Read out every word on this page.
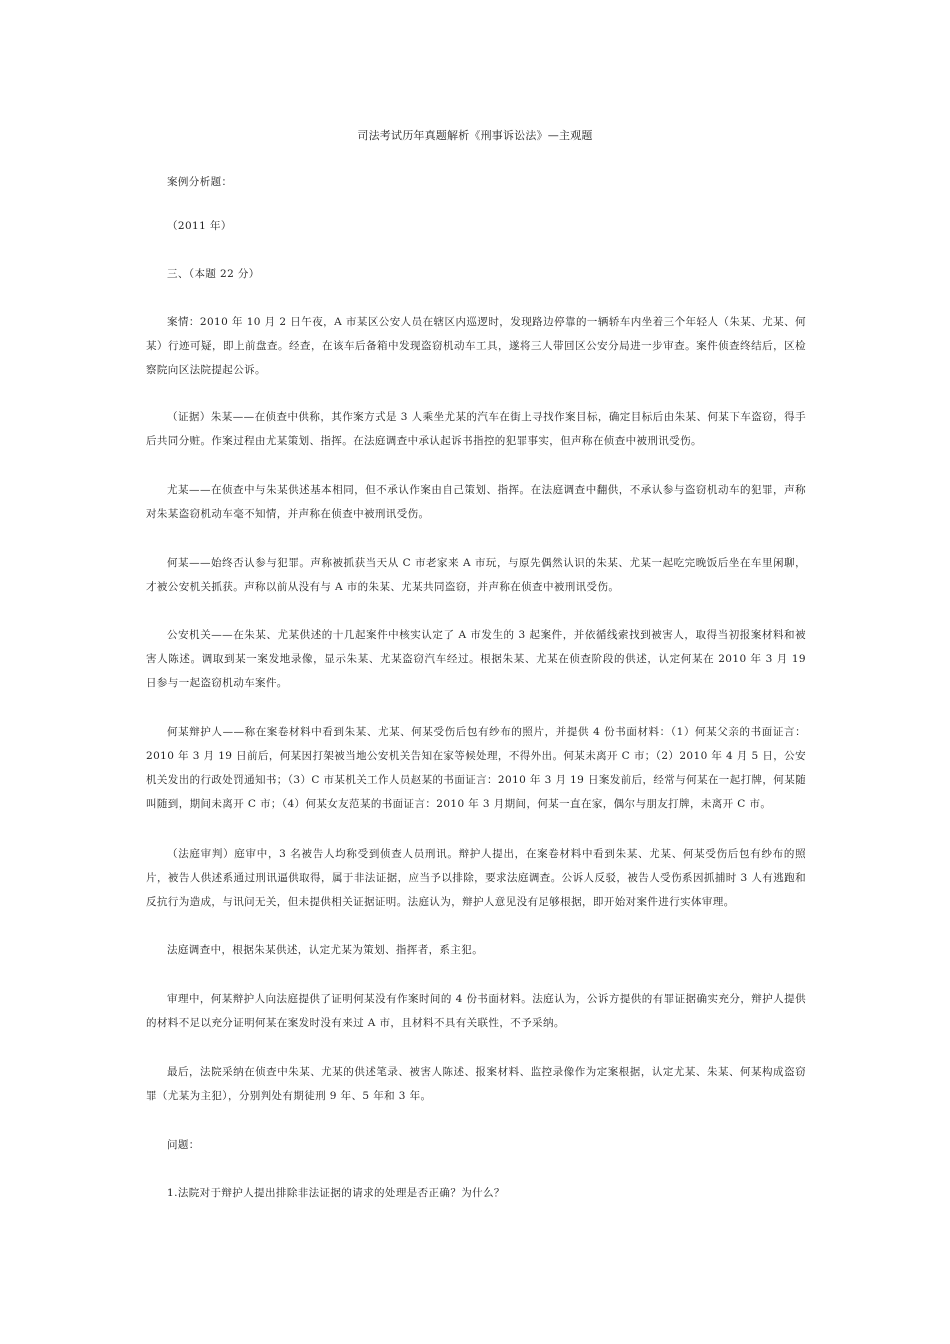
司法考试历年真题解析《刑事诉讼法》—主观题
案例分析题：
（2011 年）
三、（本题 22 分）
案情：2010 年 10 月 2 日午夜，A 市某区公安人员在辖区内巡逻时，发现路边停靠的一辆轿车内坐着三个年轻人（朱某、尤某、何某）行迹可疑，即上前盘查。经查，在该车后备箱中发现盗窃机动车工具，遂将三人带回区公安分局进一步审查。案件侦查终结后，区检察院向区法院提起公诉。
（证据）朱某——在侦查中供称，其作案方式是 3 人乘坐尤某的汽车在街上寻找作案目标，确定目标后由朱某、何某下车盗窃，得手后共同分赃。作案过程由尤某策划、指挥。在法庭调查中承认起诉书指控的犯罪事实，但声称在侦查中被刑讯受伤。
尤某——在侦查中与朱某供述基本相同，但不承认作案由自己策划、指挥。在法庭调查中翻供，不承认参与盗窃机动车的犯罪，声称对朱某盗窃机动车毫不知情，并声称在侦查中被刑讯受伤。
何某——始终否认参与犯罪。声称被抓获当天从 C 市老家来 A 市玩，与原先偶然认识的朱某、尤某一起吃完晚饭后坐在车里闲聊，才被公安机关抓获。声称以前从没有与 A 市的朱某、尤某共同盗窃，并声称在侦查中被刑讯受伤。
公安机关——在朱某、尤某供述的十几起案件中核实认定了 A 市发生的 3 起案件，并依循线索找到被害人，取得当初报案材料和被害人陈述。调取到某一案发地录像，显示朱某、尤某盗窃汽车经过。根据朱某、尤某在侦查阶段的供述，认定何某在 2010 年 3 月 19 日参与一起盗窃机动车案件。
何某辩护人——称在案卷材料中看到朱某、尤某、何某受伤后包有纱布的照片，并提供 4 份书面材料：（1）何某父亲的书面证言：2010 年 3 月 19 日前后，何某因打架被当地公安机关告知在家等候处理，不得外出。何某未离开 C 市；（2）2010 年 4 月 5 日，公安机关发出的行政处罚通知书；（3）C 市某机关工作人员赵某的书面证言：2010 年 3 月 19 日案发前后，经常与何某在一起打牌，何某随叫随到，期间未离开 C 市；（4）何某女友范某的书面证言：2010 年 3 月期间，何某一直在家，偶尔与朋友打牌，未离开 C 市。
（法庭审判）庭审中，3 名被告人均称受到侦查人员刑讯。辩护人提出，在案卷材料中看到朱某、尤某、何某受伤后包有纱布的照片，被告人供述系通过刑讯逼供取得，属于非法证据，应当予以排除，要求法庭调查。公诉人反驳，被告人受伤系因抓捕时 3 人有逃跑和反抗行为造成，与讯问无关，但未提供相关证据证明。法庭认为，辩护人意见没有足够根据，即开始对案件进行实体审理。
法庭调查中，根据朱某供述，认定尤某为策划、指挥者，系主犯。
审理中，何某辩护人向法庭提供了证明何某没有作案时间的 4 份书面材料。法庭认为，公诉方提供的有罪证据确实充分，辩护人提供的材料不足以充分证明何某在案发时没有来过 A 市，且材料不具有关联性，不予采纳。
最后，法院采纳在侦查中朱某、尤某的供述笔录、被害人陈述、报案材料、监控录像作为定案根据，认定尤某、朱某、何某构成盗窃罪（尤某为主犯），分别判处有期徒刑 9 年、5 年和 3 年。
问题：
1.法院对于辩护人提出排除非法证据的请求的处理是否正确？为什么？
